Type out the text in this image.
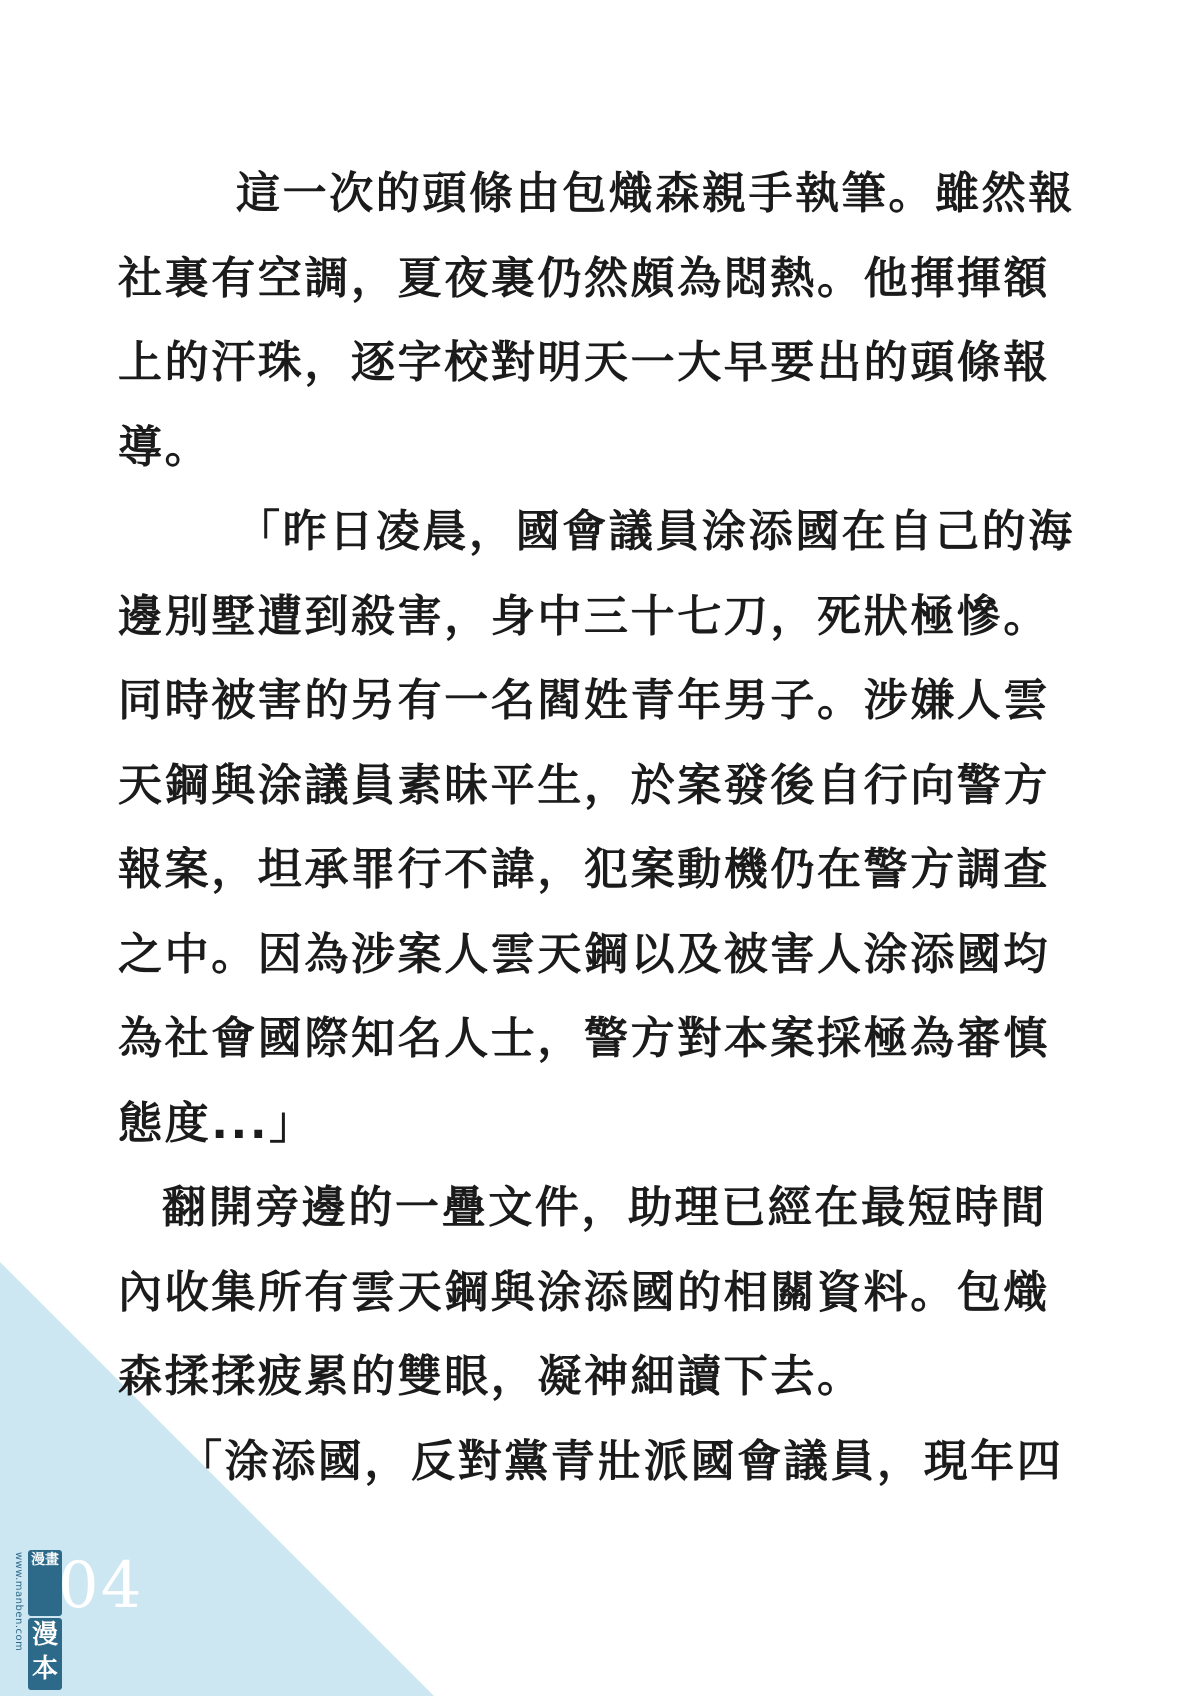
這一次的頭條由包熾森親手執筆。雖然報
社裏有空調，夏夜裏仍然頗為悶熱。他揮揮額
上的汗珠，逐字校對明天一大早要出的頭條報
導。
「昨日凌晨，國會議員涂添國在自己的海
邊別墅遭到殺害，身中三十七刀，死狀極慘。
同時被害的另有一名閻姓青年男子。涉嫌人雲
天鋼與涂議員素昧平生，於案發後自行向警方
報案，坦承罪行不諱，犯案動機仍在警方調查
之中。因為涉案人雲天鋼以及被害人涂添國均
為社會國際知名人士，警方對本案採極為審慎
態度...」
翻開旁邊的一疊文件，助理已經在最短時間
內收集所有雲天鋼與涂添國的相關資料。包熾
森揉揉疲累的雙眼，凝神細讀下去。
「涂添國，反對黨青壯派國會議員，現年四
www.manben.com 漫畫
漫本
04
